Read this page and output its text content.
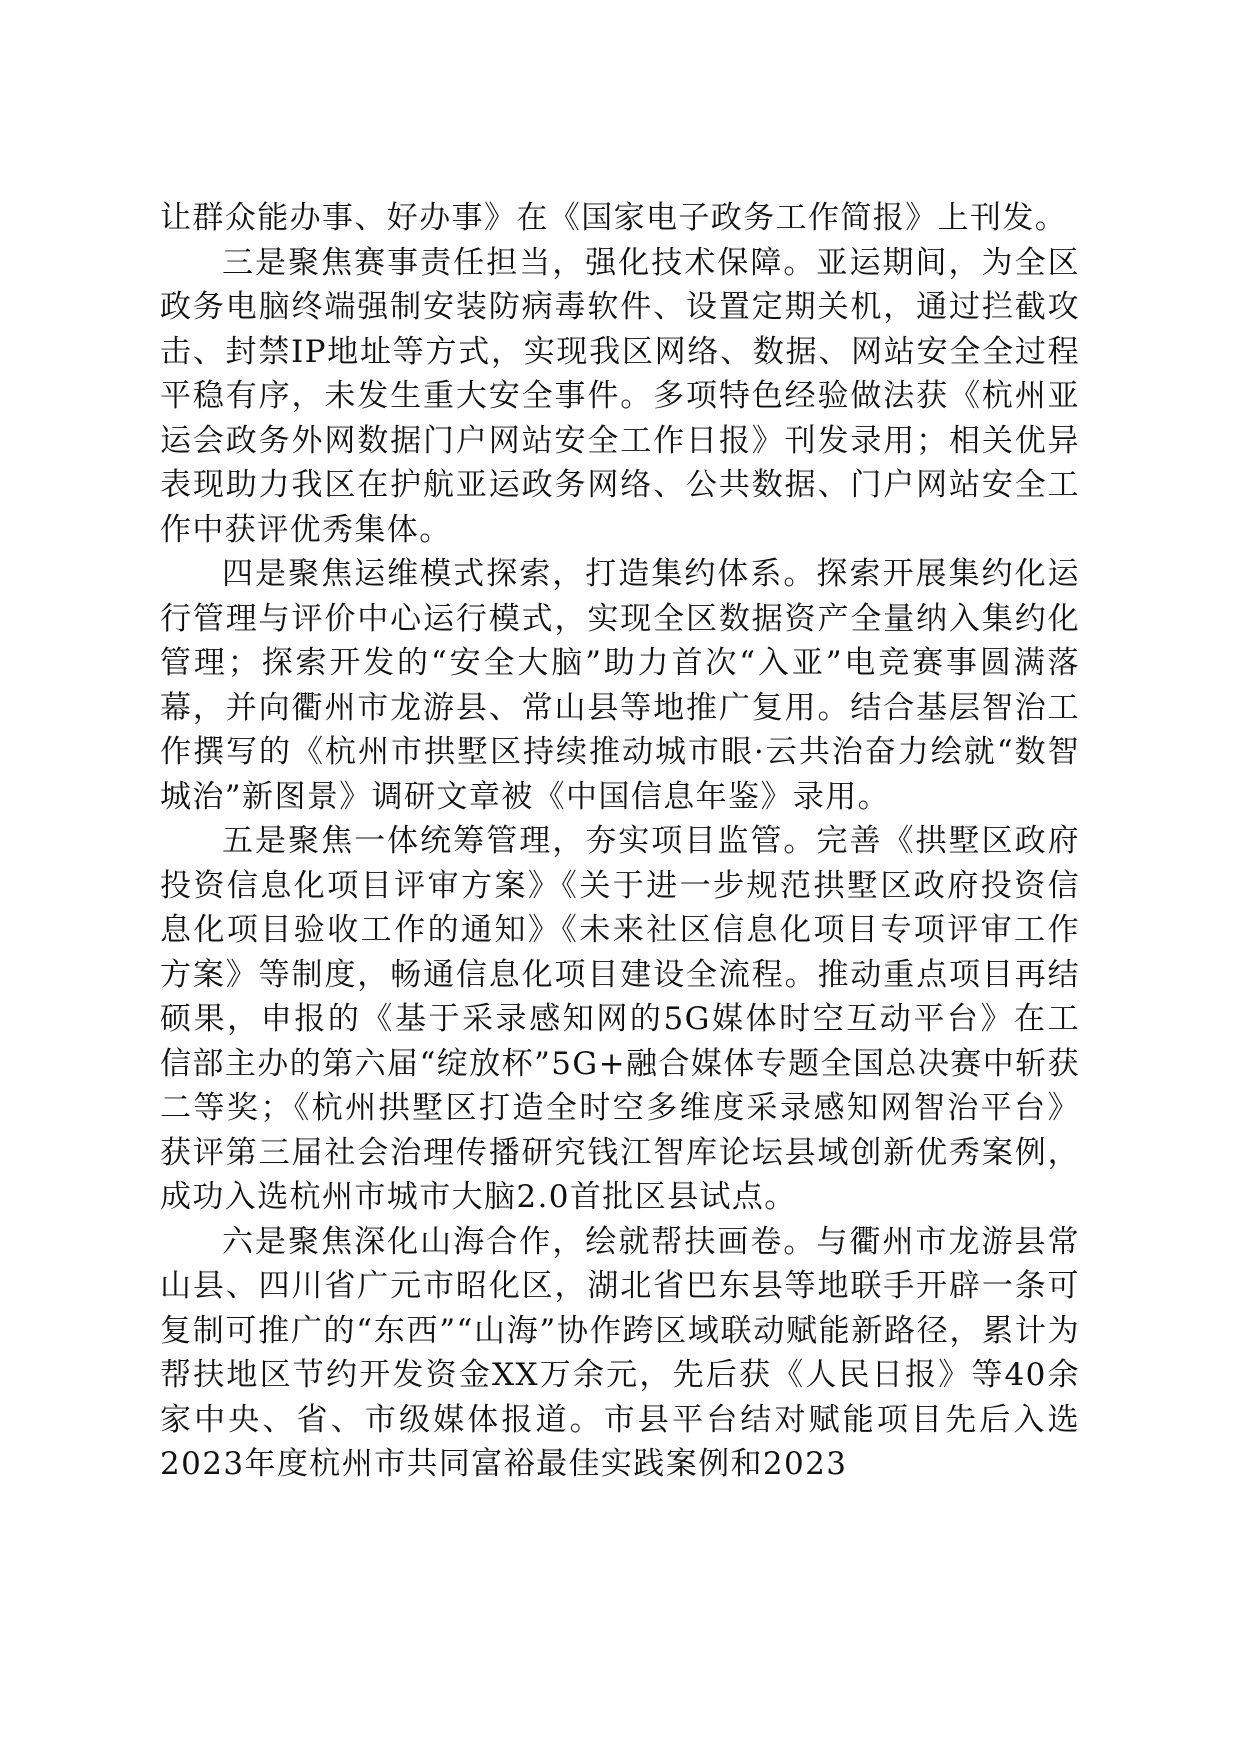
让群众能办事、好办事》在《国家电子政务工作简报》上刊发。

三是聚焦赛事责任担当，强化技术保障。亚运期间，为全区政务电脑终端强制安装防病毒软件、设置定期关机，通过拦截攻击、封禁IP地址等方式，实现我区网络、数据、网站安全全过程平稳有序，未发生重大安全事件。多项特色经验做法获《杭州亚运会政务外网数据门户网站安全工作日报》刊发录用；相关优异表现助力我区在护航亚运政务网络、公共数据、门户网站安全工作中获评优秀集体。

四是聚焦运维模式探索，打造集约体系。探索开展集约化运行管理与评价中心运行模式，实现全区数据资产全量纳入集约化管理；探索开发的“安全大脑”助力首次“入亚”电竞赛事圆满落幕，并向衢州市龙游县、常山县等地推广复用。结合基层智治工作撰写的《杭州市拱墅区持续推动城市眼·云共治奋力绘就“数智城治”新图景》调研文章被《中国信息年鉴》录用。

五是聚焦一体统筹管理，夯实项目监管。完善《拱墅区政府投资信息化项目评审方案》《关于进一步规范拱墅区政府投资信息化项目验收工作的通知》《未来社区信息化项目专项评审工作方案》等制度，畅通信息化项目建设全流程。推动重点项目再结硕果，申报的《基于采录感知网的5G媒体时空互动平台》在工信部主办的第六届“绽放杯”5G+融合媒体专题全国总决赛中斩获二等奖；《杭州拱墅区打造全时空多维度采录感知网智治平台》获评第三届社会治理传播研究钱江智库论坛县域创新优秀案例，成功入选杭州市城市大脑2.0首批区县试点。

六是聚焦深化山海合作，绘就帮扶画卷。与衢州市龙游县常山县、四川省广元市昭化区，湖北省巴东县等地联手开辟一条可复制可推广的“东西”“山海”协作跨区域联动赋能新路径，累计为帮扶地区节约开发资金XX万余元，先后获《人民日报》等40余家中央、省、市级媒体报道。市县平台结对赋能项目先后入选2023年度杭州市共同富裕最佳实践案例和2023
